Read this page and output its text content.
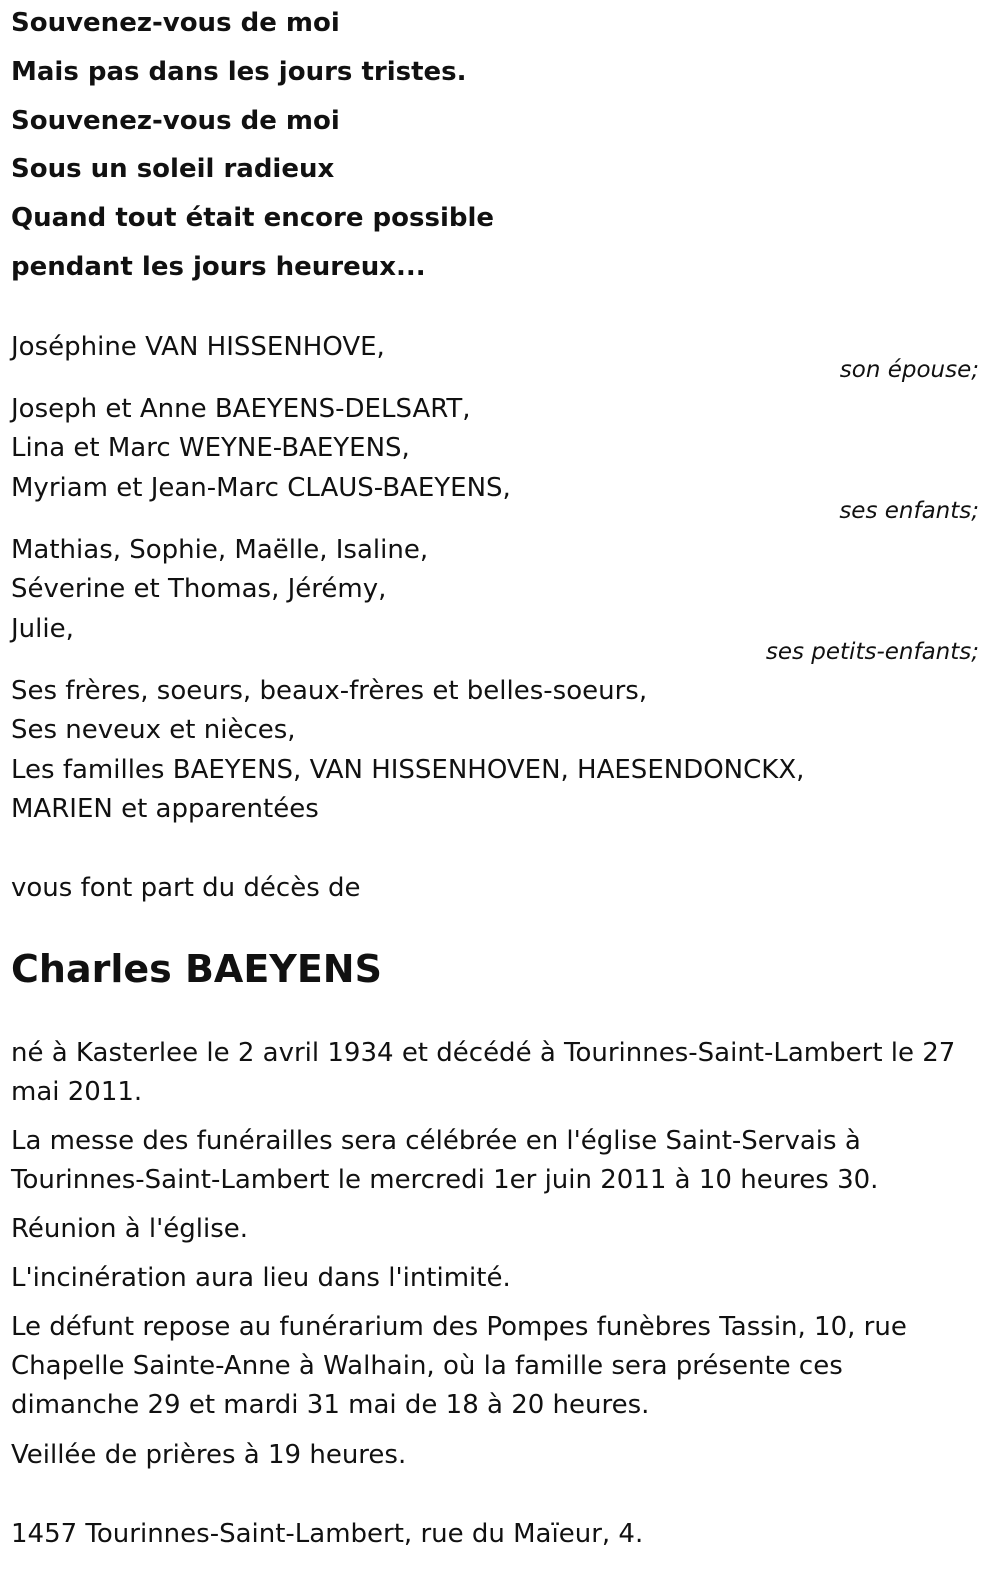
Souvenez-vous de moi
Mais pas dans les jours tristes.
Souvenez-vous de moi
Sous un soleil radieux
Quand tout était encore possible
pendant les jours heureux...
Joséphine VAN HISSENHOVE,
son épouse;
Joseph et Anne BAEYENS-DELSART,
Lina et Marc WEYNE-BAEYENS,
Myriam et Jean-Marc CLAUS-BAEYENS,
ses enfants;
Mathias, Sophie, Maëlle, Isaline,
Séverine et Thomas, Jérémy,
Julie,
ses petits-enfants;
Ses frères, soeurs, beaux-frères et belles-soeurs,
Ses neveux et nièces,
Les familles BAEYENS, VAN HISSENHOVEN, HAESENDONCKX,
MARIEN et apparentées
vous font part du décès de
Charles BAEYENS
né à Kasterlee le 2 avril 1934 et décédé à Tourinnes-Saint-Lambert le 27
mai 2011.
La messe des funérailles sera célébrée en l'église Saint-Servais à
Tourinnes-Saint-Lambert le mercredi 1er juin 2011 à 10 heures 30.
Réunion à l'église.
L'incinération aura lieu dans l'intimité.
Le défunt repose au funérarium des Pompes funèbres Tassin, 10, rue
Chapelle Sainte-Anne à Walhain, où la famille sera présente ces
dimanche 29 et mardi 31 mai de 18 à 20 heures.
Veillée de prières à 19 heures.
1457 Tourinnes-Saint-Lambert, rue du Maïeur, 4.
